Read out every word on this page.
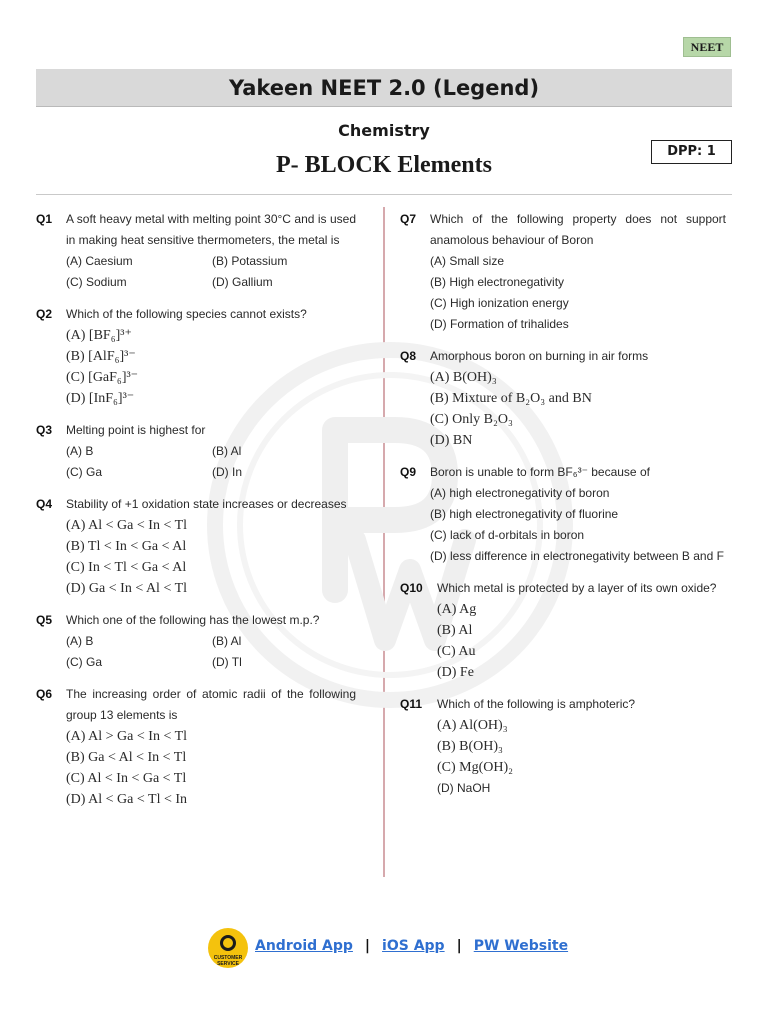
NEET
Yakeen NEET 2.0 (Legend)
Chemistry
P- BLOCK Elements
DPP: 1
Q1	A soft heavy metal with melting point 30°C and is used in making heat sensitive thermometers, the metal is
(A) Caesium	(B) Potassium
(C) Sodium	(D) Gallium
Q2	Which of the following species cannot exists?
(A) [BF₆]³⁺
(B) [AlF₆]³⁻
(C) [GaF₆]³⁻
(D) [InF₆]³⁻
Q3	Melting point is highest for
(A) B	(B) Al
(C) Ga	(D) In
Q4	Stability of +1 oxidation state increases or decreases
(A) Al < Ga < In < Tl
(B) Tl < In < Ga < Al
(C) In < Tl < Ga < Al
(D) Ga < In < Al < Tl
Q5	Which one of the following has the lowest m.p.?
(A) B	(B) Al
(C) Ga	(D) Tl
Q6	The increasing order of atomic radii of the following group 13 elements is
(A) Al > Ga < In < Tl
(B) Ga < Al < In < Tl
(C) Al < In < Ga < Tl
(D) Al < Ga < Tl < In
Q7	Which of the following property does not support anamolous behaviour of Boron
(A) Small size
(B) High electronegativity
(C) High ionization energy
(D) Formation of trihalides
Q8	Amorphous boron on burning in air forms
(A) B(OH)₃
(B) Mixture of B₂O₃ and BN
(C) Only B₂O₃
(D) BN
Q9	Boron is unable to form BF₆³⁻ because of
(A) high electronegativity of boron
(B) high electronegativity of fluorine
(C) lack of d-orbitals in boron
(D) less difference in electronegativity between B and F
Q10	Which metal is protected by a layer of its own oxide?
(A) Ag
(B) Al
(C) Au
(D) Fe
Q11	Which of the following is amphoteric?
(A) Al(OH)₃
(B) B(OH)₃
(C) Mg(OH)₂
(D) NaOH
CUSTOMER SERVICE
Android App | iOS App | PW Website
